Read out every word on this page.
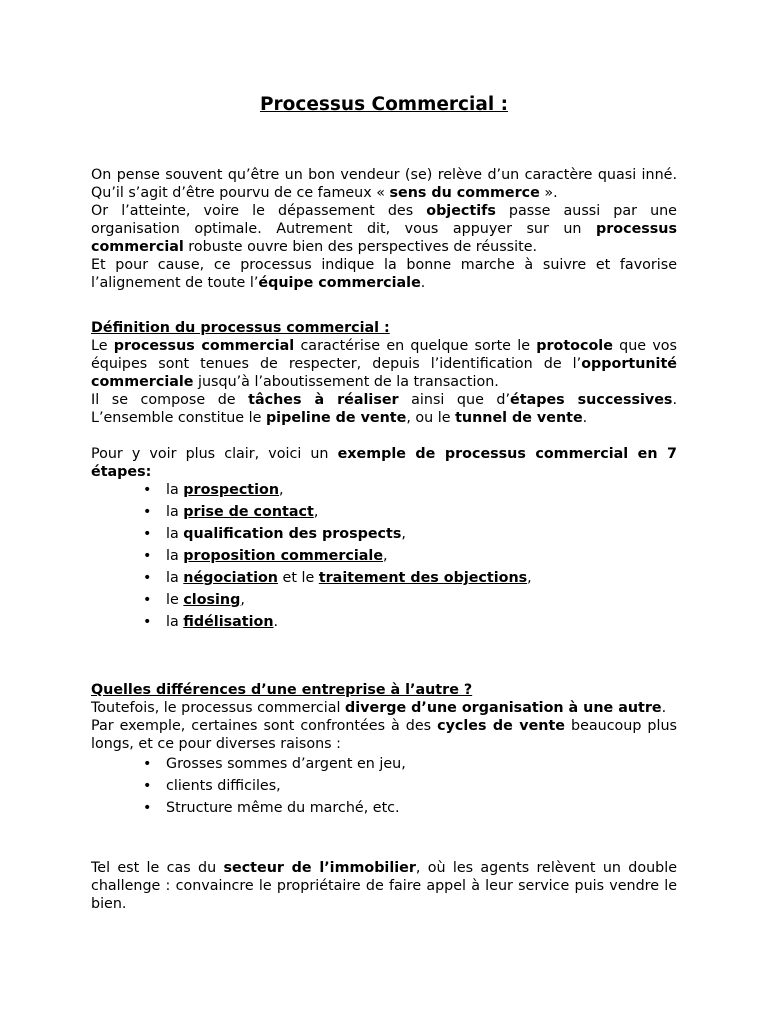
Processus Commercial :

On pense souvent qu’être un bon vendeur (se) relève d’un caractère quasi inné. Qu’il s’agit d’être pourvu de ce fameux « sens du commerce ».

Or l’atteinte, voire le dépassement des objectifs passe aussi par une organisation optimale. Autrement dit, vous appuyer sur un processus commercial robuste ouvre bien des perspectives de réussite.

Et pour cause, ce processus indique la bonne marche à suivre et favorise l’alignement de toute l’équipe commerciale.

Définition du processus commercial :

Le processus commercial caractérise en quelque sorte le protocole que vos équipes sont tenues de respecter, depuis l’identification de l’opportunité commerciale jusqu’à l’aboutissement de la transaction.

Il se compose de tâches à réaliser ainsi que d’étapes successives. L’ensemble constitue le pipeline de vente, ou le tunnel de vente.

Pour y voir plus clair, voici un exemple de processus commercial en 7 étapes:

• la prospection,
• la prise de contact,
• la qualification des prospects,
• la proposition commerciale,
• la négociation et le traitement des objections,
• le closing,
• la fidélisation.

Quelles différences d’une entreprise à l’autre ?

Toutefois, le processus commercial diverge d’une organisation à une autre.

Par exemple, certaines sont confrontées à des cycles de vente beaucoup plus longs, et ce pour diverses raisons :

• Grosses sommes d’argent en jeu,
• clients difficiles,
• Structure même du marché, etc.

Tel est le cas du secteur de l’immobilier, où les agents relèvent un double challenge : convaincre le propriétaire de faire appel à leur service puis vendre le bien.
